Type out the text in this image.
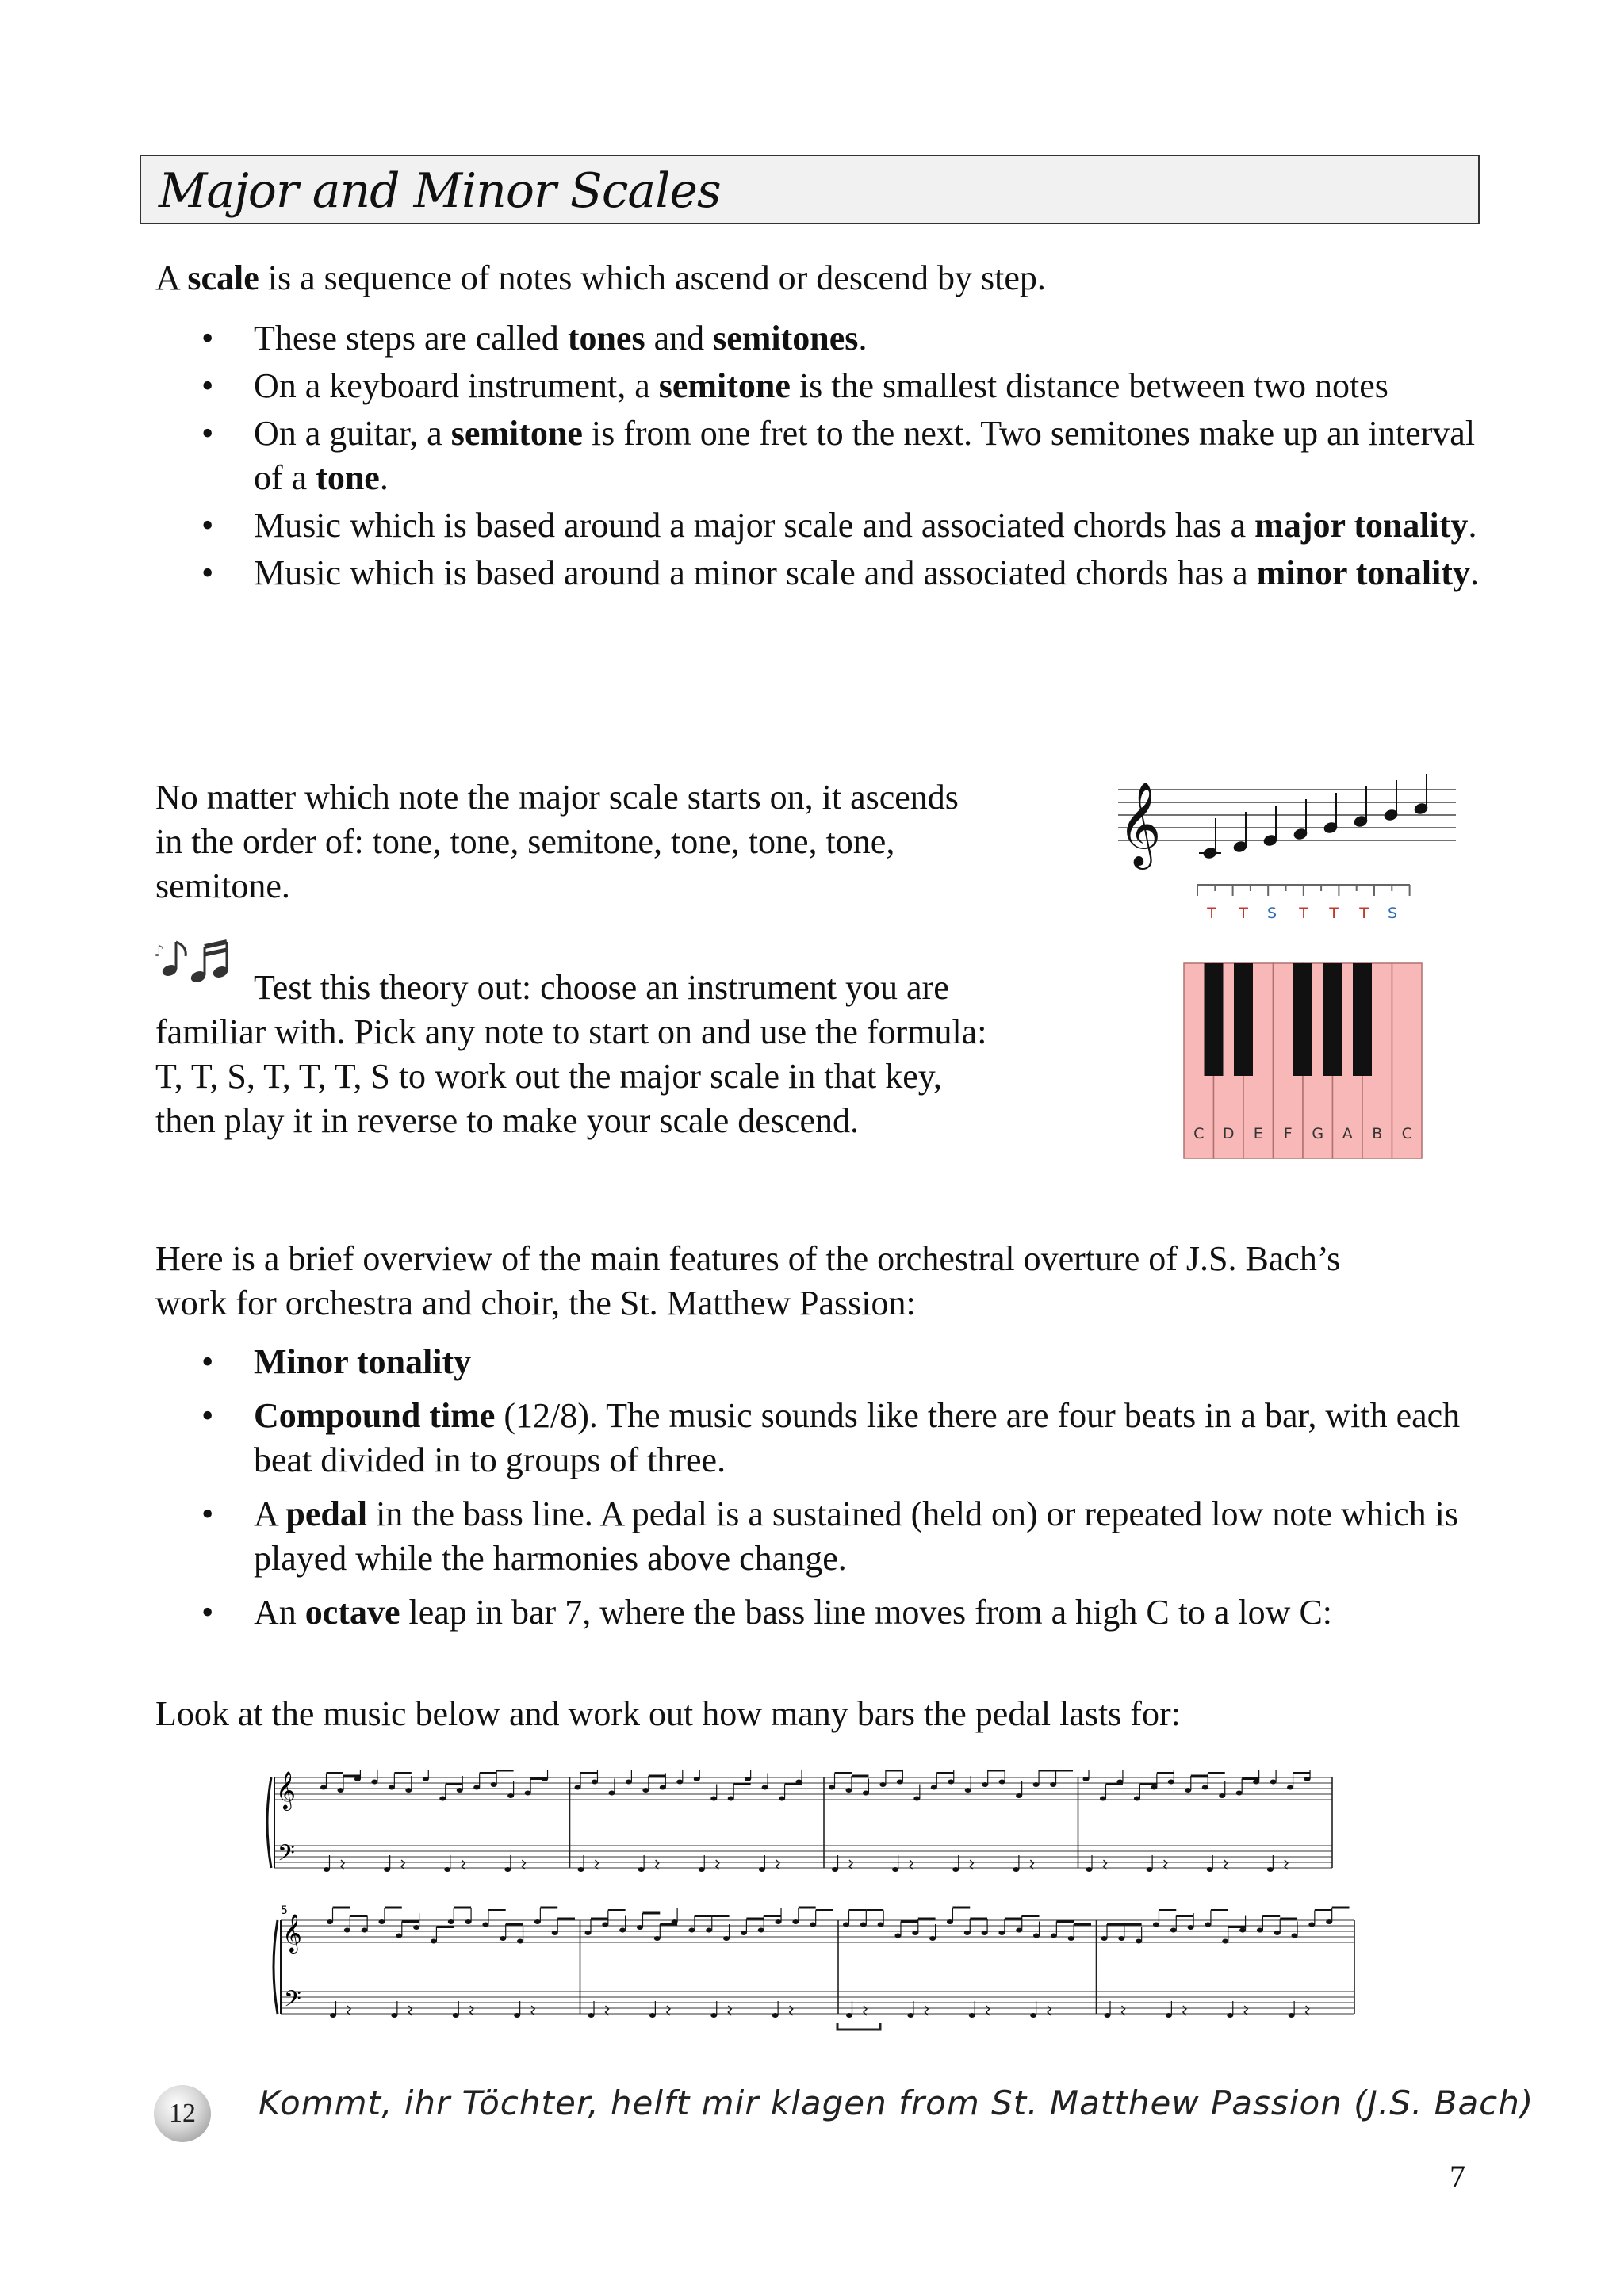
Major and Minor Scales
A scale is a sequence of notes which ascend or descend by step.
• These steps are called tones and semitones.
• On a keyboard instrument, a semitone is the smallest distance between two notes
• On a guitar, a semitone is from one fret to the next. Two semitones make up an interval of a tone.
• Music which is based around a major scale and associated chords has a major tonality.
• Music which is based around a minor scale and associated chords has a minor tonality.
No matter which note the major scale starts on, it ascends
in the order of: tone, tone, semitone, tone, tone, tone,
semitone.
♪
Test this theory out: choose an instrument you are
familiar with. Pick any note to start on and use the formula:
T, T, S, T, T, T, S to work out the major scale in that key,
then play it in reverse to make your scale descend.
𝄞
T T S T T T S
C D E F G A B C
Here is a brief overview of the main features of the orchestral overture of J.S. Bach’s
work for orchestra and choir, the St. Matthew Passion:
• Minor tonality
• Compound time (12/8). The music sounds like there are four beats in a bar, with each beat divided in to groups of three.
• A pedal in the bass line. A pedal is a sustained (held on) or repeated low note which is played while the harmonies above change.
• An octave leap in bar 7, where the bass line moves from a high C to a low C:
Look at the music below and work out how many bars the pedal lasts for:
𝄞
𝄢
5
𝄞
𝄢
12	Kommt, ihr Töchter, helft mir klagen from St. Matthew Passion (J.S. Bach)
7
